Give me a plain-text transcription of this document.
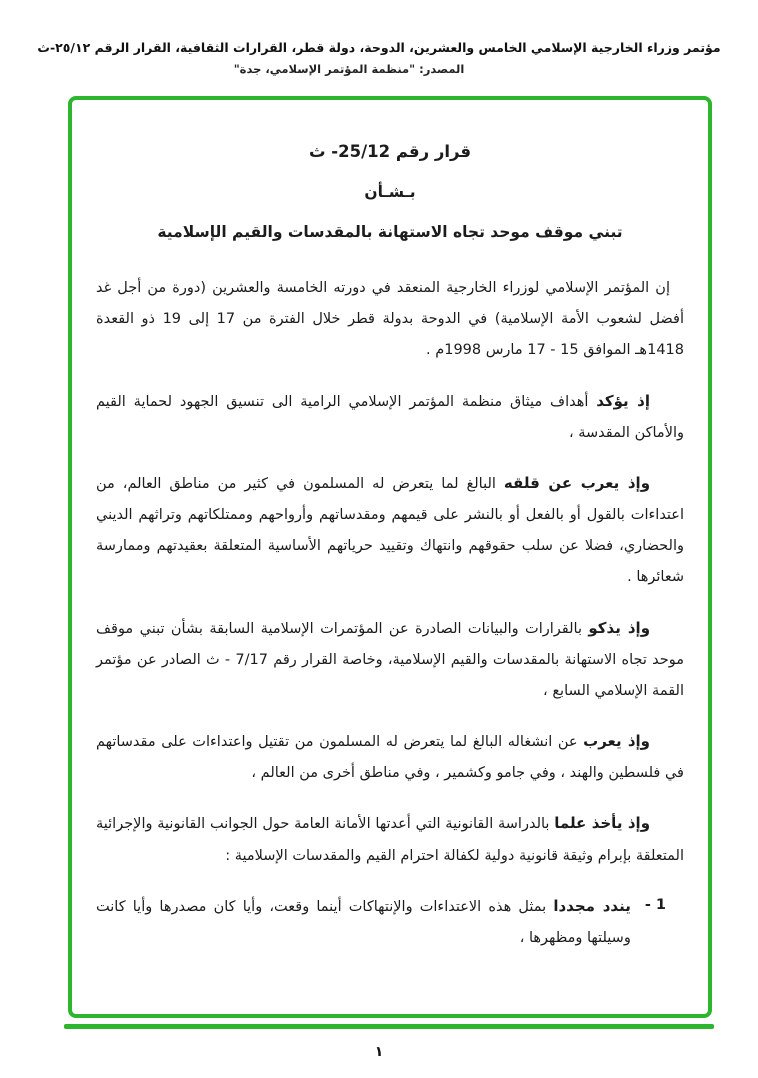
مؤتمر وزراء الخارجية الإسلامي الخامس والعشرين، الدوحة، دولة قطر، القرارات الثقافية، القرار الرقم ٢٥/١٢-ث
المصدر: "منظمة المؤتمر الإسلامي، جدة"
قرار رقم 25/12- ث
بـشـأن
تبني موقف موحد تجاه الاستهانة بالمقدسات والقيم الإسلامية

إن المؤتمر الإسلامي لوزراء الخارجية المنعقد في دورته الخامسة والعشرين (دورة من أجل غد أفضل لشعوب الأمة الإسلامية) في الدوحة بدولة قطر خلال الفترة من 17 إلى 19 ذو القعدة 1418هـ الموافق 15 - 17 مارس 1998م .

إذ يؤكد أهداف ميثاق منظمة المؤتمر الإسلامي الرامية الى تنسيق الجهود لحماية القيم والأماكن المقدسة ،

وإذ يعرب عن قلقه البالغ لما يتعرض له المسلمون في كثير من مناطق العالم، من اعتداءات بالقول أو بالفعل أو بالنشر على قيمهم ومقدساتهم وأرواحهم وممتلكاتهم وتراثهم الديني والحضاري، فضلا عن سلب حقوقهم وانتهاك وتقييد حرياتهم الأساسية المتعلقة بعقيدتهم وممارسة شعائرها .

وإذ يذكو بالقرارات والبيانات الصادرة عن المؤتمرات الإسلامية السابقة بشأن تبني موقف موحد تجاه الاستهانة بالمقدسات والقيم الإسلامية، وخاصة القرار رقم 7/17 - ث الصادر عن مؤتمر القمة الإسلامي السابع ،

وإذ يعرب عن انشغاله البالغ لما يتعرض له المسلمون من تقتيل واعتداءات على مقدساتهم في فلسطين والهند ، وفي جامو وكشمير ، وفي مناطق أخرى من العالم ،

وإذ يأخذ علما بالدراسة القانونية التي أعدتها الأمانة العامة حول الجوانب القانونية والإجرائية المتعلقة بإبرام وثيقة قانونية دولية لكفالة احترام القيم والمقدسات الإسلامية :

1 -
يندد مجددا بمثل هذه الاعتداءات والإنتهاكات أينما وقعت، وأيا كان مصدرها وأيا كانت وسيلتها ومظهرها ،
١
